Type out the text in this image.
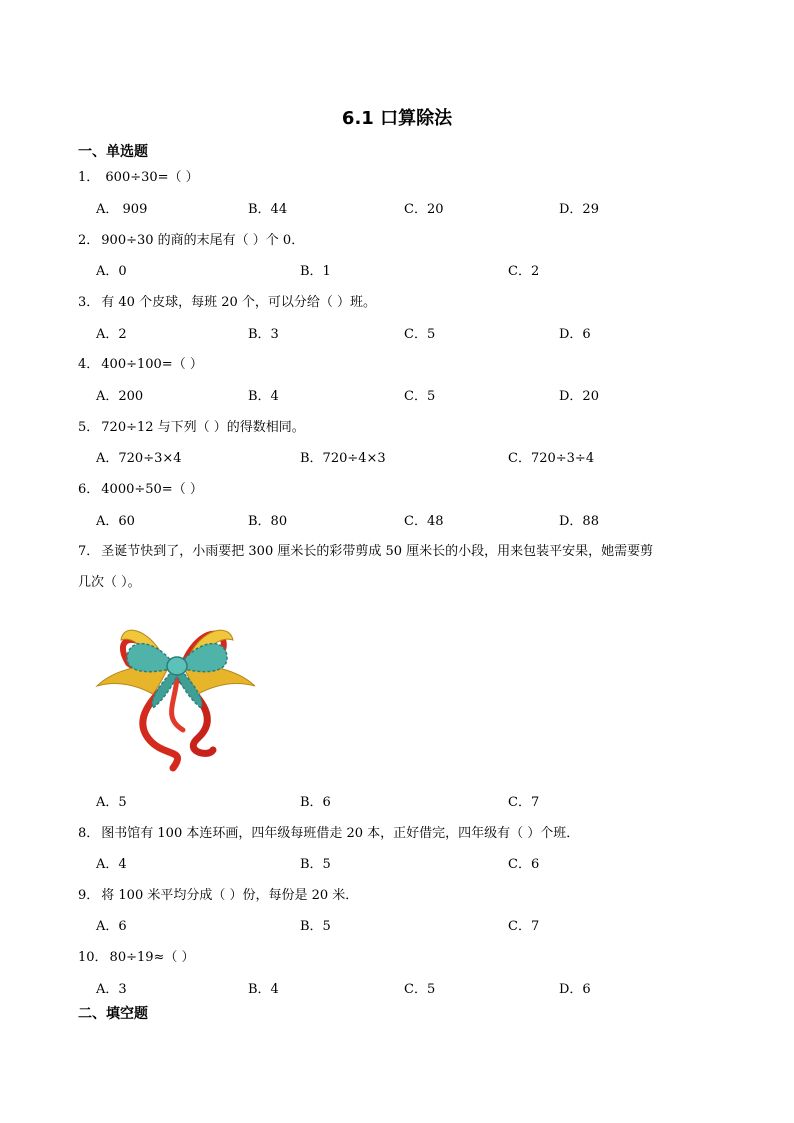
6.1 口算除法
一、单选题
1． 600÷30=（ ）
A． 909	B．44	C．20	D．29
2． 900÷30 的商的末尾有（ ）个 0．
A．0	B．1	C．2
3． 有 40 个皮球，每班 20 个，可以分给（ ）班。
A．2	B．3	C．5	D．6
4． 400÷100=（ ）
A．200	B．4	C．5	D．20
5． 720÷12 与下列（ ）的得数相同。
A．720÷3×4	B．720÷4×3	C．720÷3÷4
6． 4000÷50=（ ）
A．60	B．80	C．48	D．88
7． 圣诞节快到了，小雨要把 300 厘米长的彩带剪成 50 厘米长的小段，用来包装平安果，她需要剪
几次（ ）。
A．5	B．6	C．7
8． 图书馆有 100 本连环画，四年级每班借走 20 本，正好借完，四年级有（ ）个班．
A．4	B．5	C．6
9． 将 100 米平均分成（ ）份，每份是 20 米．
A．6	B．5	C．7
10． 80÷19≈（ ）
A．3	B．4	C．5	D．6
二、填空题
